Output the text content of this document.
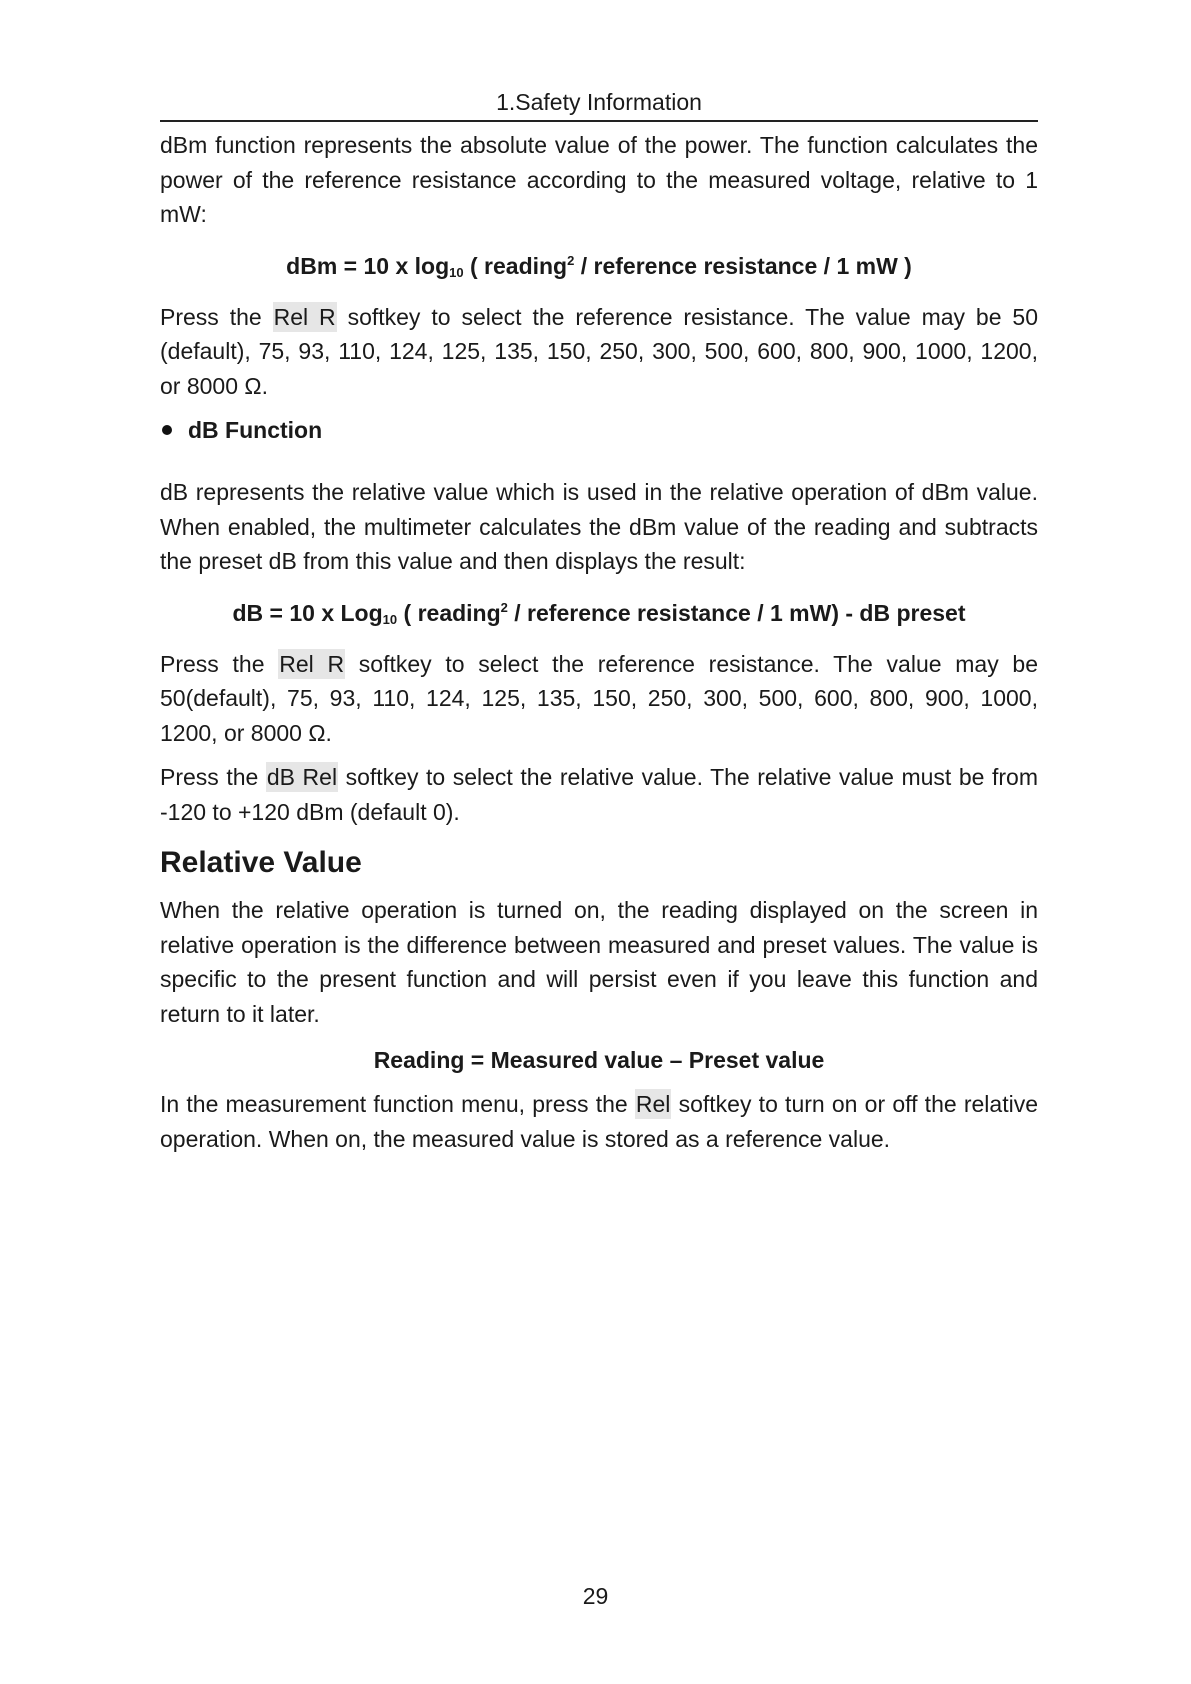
1.Safety Information

dBm function represents the absolute value of the power. The function calculates the power of the reference resistance according to the measured voltage, relative to 1 mW:

dBm = 10 x $\log_{10}$ ( reading$^2$ / reference resistance / 1 mW )

Press the Rel R softkey to select the reference resistance. The value may be 50 (default), 75, 93, 110, 124, 125, 135, 150, 250, 300, 500, 600, 800, 900, 1000, 1200, or 8000 Ω.

dB Function

dB represents the relative value which is used in the relative operation of dBm value. When enabled, the multimeter calculates the dBm value of the reading and subtracts the preset dB from this value and then displays the result:

dB = 10 x Log$_{10}$ ( reading$^2$ / reference resistance / 1 mW) - dB preset

Press the Rel R softkey to select the reference resistance. The value may be 50(default), 75, 93, 110, 124, 125, 135, 150, 250, 300, 500, 600, 800, 900, 1000, 1200, or 8000 Ω.

Press the dB Rel softkey to select the relative value. The relative value must be from -120 to +120 dBm (default 0).

Relative Value

When the relative operation is turned on, the reading displayed on the screen in relative operation is the difference between measured and preset values. The value is specific to the present function and will persist even if you leave this function and return to it later.

Reading = Measured value – Preset value

In the measurement function menu, press the Rel softkey to turn on or off the relative operation. When on, the measured value is stored as a reference value.

29
